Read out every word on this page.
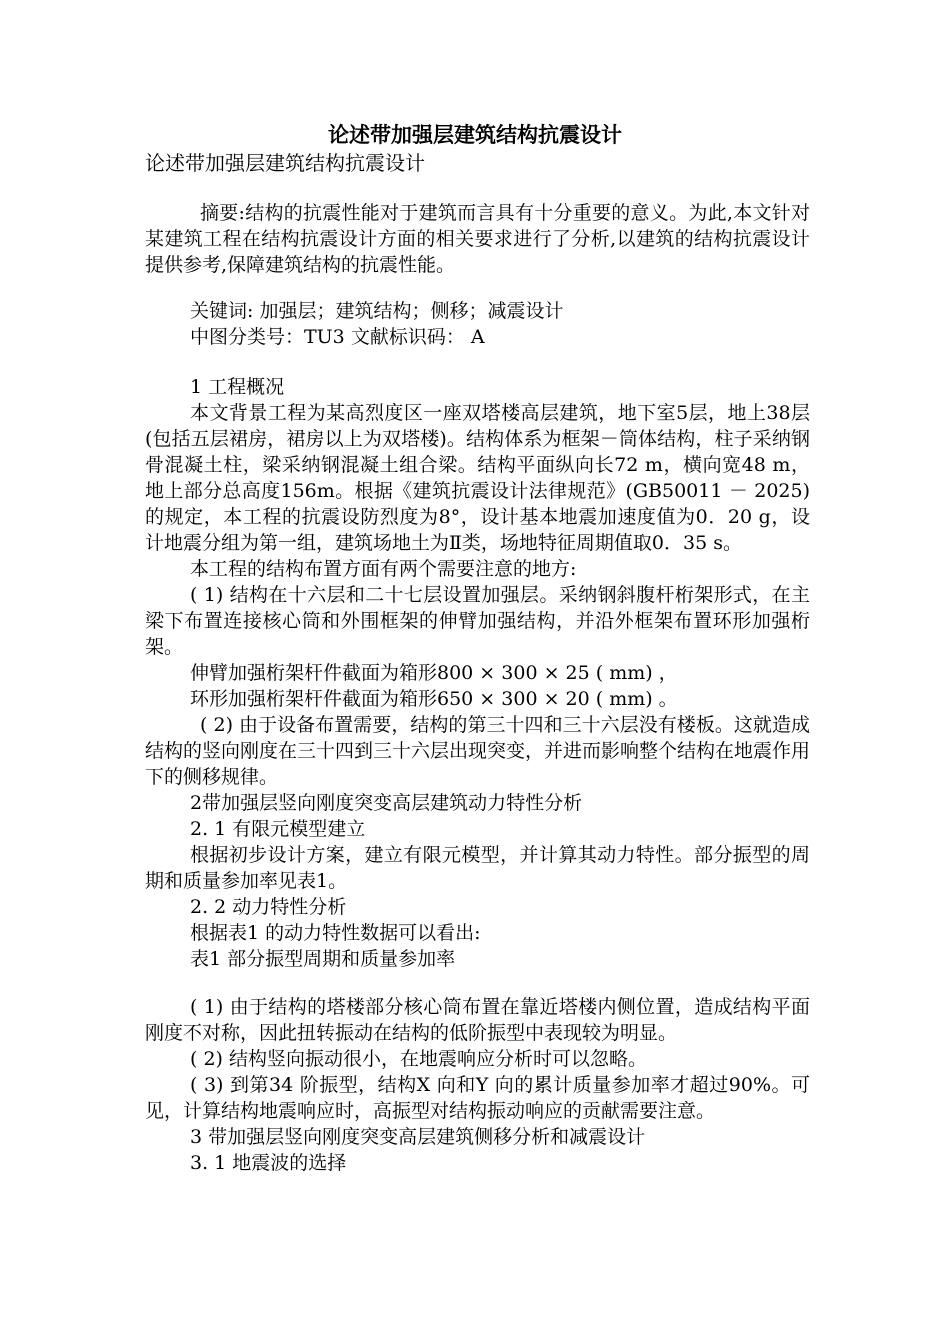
论述带加强层建筑结构抗震设计
论述带加强层建筑结构抗震设计

摘要:结构的抗震性能对于建筑而言具有十分重要的意义。为此,本文针对某建筑工程在结构抗震设计方面的相关要求进行了分析,以建筑的结构抗震设计提供参考,保障建筑结构的抗震性能。

关键词: 加强层；建筑结构；侧移；减震设计

中图分类号：TU3 文献标识码： A

1 工程概况

本文背景工程为某高烈度区一座双塔楼高层建筑，地下室5层，地上38层(包括五层裙房，裙房以上为双塔楼)。结构体系为框架－筒体结构，柱子采纳钢骨混凝土柱，梁采纳钢混凝土组合梁。结构平面纵向长72 m，横向宽48 m，地上部分总高度156m。根据《建筑抗震设计法律规范》(GB50011 － 2025)的规定，本工程的抗震设防烈度为8°，设计基本地震加速度值为0．20 g，设计地震分组为第一组，建筑场地土为Ⅱ类，场地特征周期值取0．35 s。

本工程的结构布置方面有两个需要注意的地方:

( 1) 结构在十六层和二十七层设置加强层。采纳钢斜腹杆桁架形式，在主梁下布置连接核心筒和外围框架的伸臂加强结构，并沿外框架布置环形加强桁架。

伸臂加强桁架杆件截面为箱形800 × 300 × 25 ( mm) ，

环形加强桁架杆件截面为箱形650 × 300 × 20 ( mm) 。

( 2) 由于设备布置需要，结构的第三十四和三十六层没有楼板。这就造成结构的竖向刚度在三十四到三十六层出现突变，并进而影响整个结构在地震作用下的侧移规律。

2带加强层竖向刚度突变高层建筑动力特性分析

2. 1 有限元模型建立

根据初步设计方案，建立有限元模型，并计算其动力特性。部分振型的周期和质量参加率见表1。

2. 2 动力特性分析

根据表1 的动力特性数据可以看出:

表1 部分振型周期和质量参加率

( 1) 由于结构的塔楼部分核心筒布置在靠近塔楼内侧位置，造成结构平面刚度不对称，因此扭转振动在结构的低阶振型中表现较为明显。

( 2) 结构竖向振动很小，在地震响应分析时可以忽略。

( 3) 到第34 阶振型，结构X 向和Y 向的累计质量参加率才超过90%。可见，计算结构地震响应时，高振型对结构振动响应的贡献需要注意。

3 带加强层竖向刚度突变高层建筑侧移分析和减震设计

3. 1 地震波的选择
